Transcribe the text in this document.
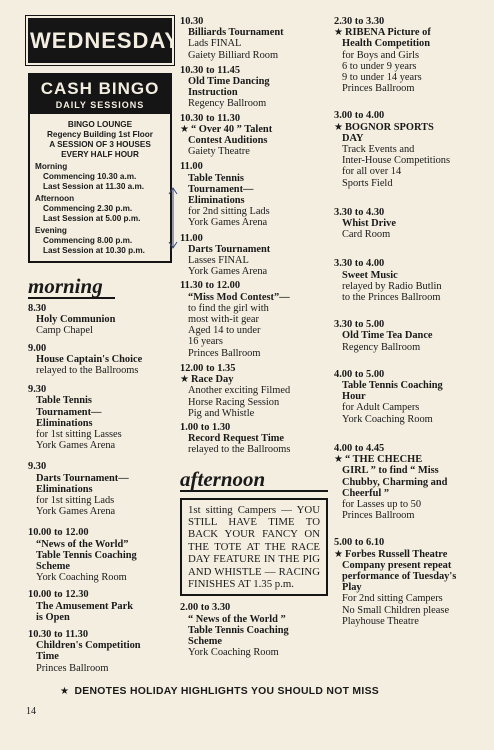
WEDNESDAY
CASH BINGO
DAILY SESSIONS
BINGO LOUNGE
Regency Building 1st Floor
A SESSION OF 3 HOUSES
EVERY HALF HOUR
Morning
Commencing 10.30 a.m.
Last Session at 11.30 a.m.
Afternoon
Commencing 2.30 p.m.
Last Session at 5.00 p.m.
Evening
Commencing 8.00 p.m.
Last Session at 10.30 p.m.
morning
8.30
Holy Communion
Camp Chapel
9.00
House Captain's Choice
relayed to the Ballrooms
9.30
Table Tennis
Tournament—
Eliminations
for 1st sitting Lasses
York Games Arena
9.30
Darts Tournament—
Eliminations
for 1st sitting Lads
York Games Arena
10.00 to 12.00
“News of the World”
Table Tennis Coaching
Scheme
York Coaching Room
10.00 to 12.30
The Amusement Park
is Open
10.30 to 11.30
Children's Competition
Time
Princes Ballroom
10.30
Billiards Tournament
Lads FINAL
Gaiety Billiard Room
10.30 to 11.45
Old Time Dancing
Instruction
Regency Ballroom
10.30 to 11.30
★ “ Over 40 ” Talent
Contest Auditions
Gaiety Theatre
11.00
Table Tennis
Tournament—
Eliminations
for 2nd sitting Lads
York Games Arena
11.00
Darts Tournament
Lasses FINAL
York Games Arena
11.30 to 12.00
“Miss Mod Contest”—
to find the girl with
most with-it gear
Aged 14 to under
16 years
Princes Ballroom
12.00 to 1.35
★ Race Day
Another exciting Filmed
Horse Racing Session
Pig and Whistle
1.00 to 1.30
Record Request Time
relayed to the Ballrooms
afternoon
1st sitting Campers — YOU STILL HAVE TIME TO BACK YOUR FANCY ON THE TOTE AT THE RACE DAY FEATURE IN THE PIG AND WHISTLE — RACING FINISHES AT 1.35 p.m.
2.00 to 3.30
“ News of the World ”
Table Tennis Coaching
Scheme
York Coaching Room
2.30 to 3.30
★ RIBENA Picture of
Health Competition
for Boys and Girls
6 to under 9 years
9 to under 14 years
Princes Ballroom
3.00 to 4.00
★ BOGNOR SPORTS
DAY
Track Events and
Inter-House Competitions
for all over 14
Sports Field
3.30 to 4.30
Whist Drive
Card Room
3.30 to 4.00
Sweet Music
relayed by Radio Butlin
to the Princes Ballroom
3.30 to 5.00
Old Time Tea Dance
Regency Ballroom
4.00 to 5.00
Table Tennis Coaching
Hour
for Adult Campers
York Coaching Room
4.00 to 4.45
★ “ THE CHECHE
GIRL ” to find “ Miss
Chubby, Charming and
Cheerful ”
for Lasses up to 50
Princes Ballroom
5.00 to 6.10
★ Forbes Russell Theatre
Company present repeat
performance of Tuesday's
Play
For 2nd sitting Campers
No Small Children please
Playhouse Theatre
★ DENOTES HOLIDAY HIGHLIGHTS YOU SHOULD NOT MISS
14
